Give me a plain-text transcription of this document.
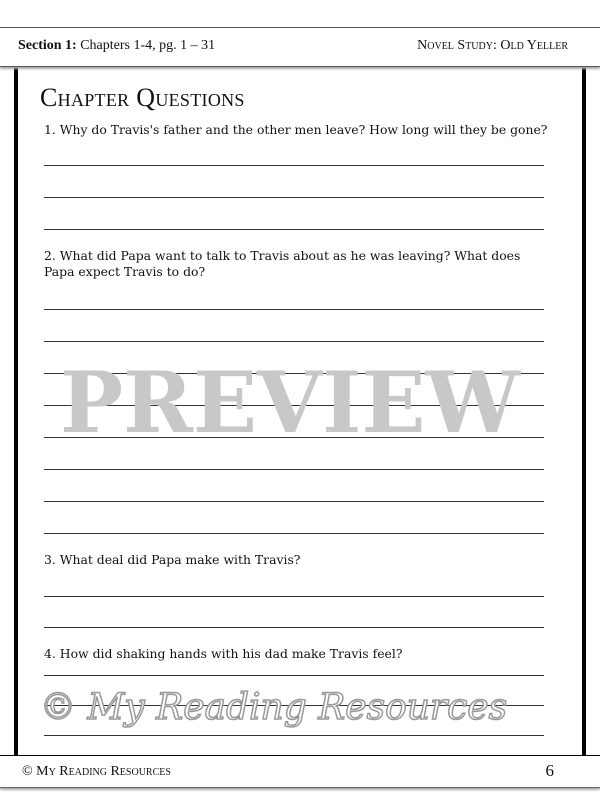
Section 1: Chapters 1-4, pg. 1 – 31	Novel Study: Old Yeller
Chapter Questions
1. Why do Travis's father and the other men leave? How long will they be gone?
2. What did Papa want to talk to Travis about as he was leaving? What does Papa expect Travis to do?
3. What deal did Papa make with Travis?
4. How did shaking hands with his dad make Travis feel?
PREVIEW
© My Reading Resources
© My Reading Resources	6
